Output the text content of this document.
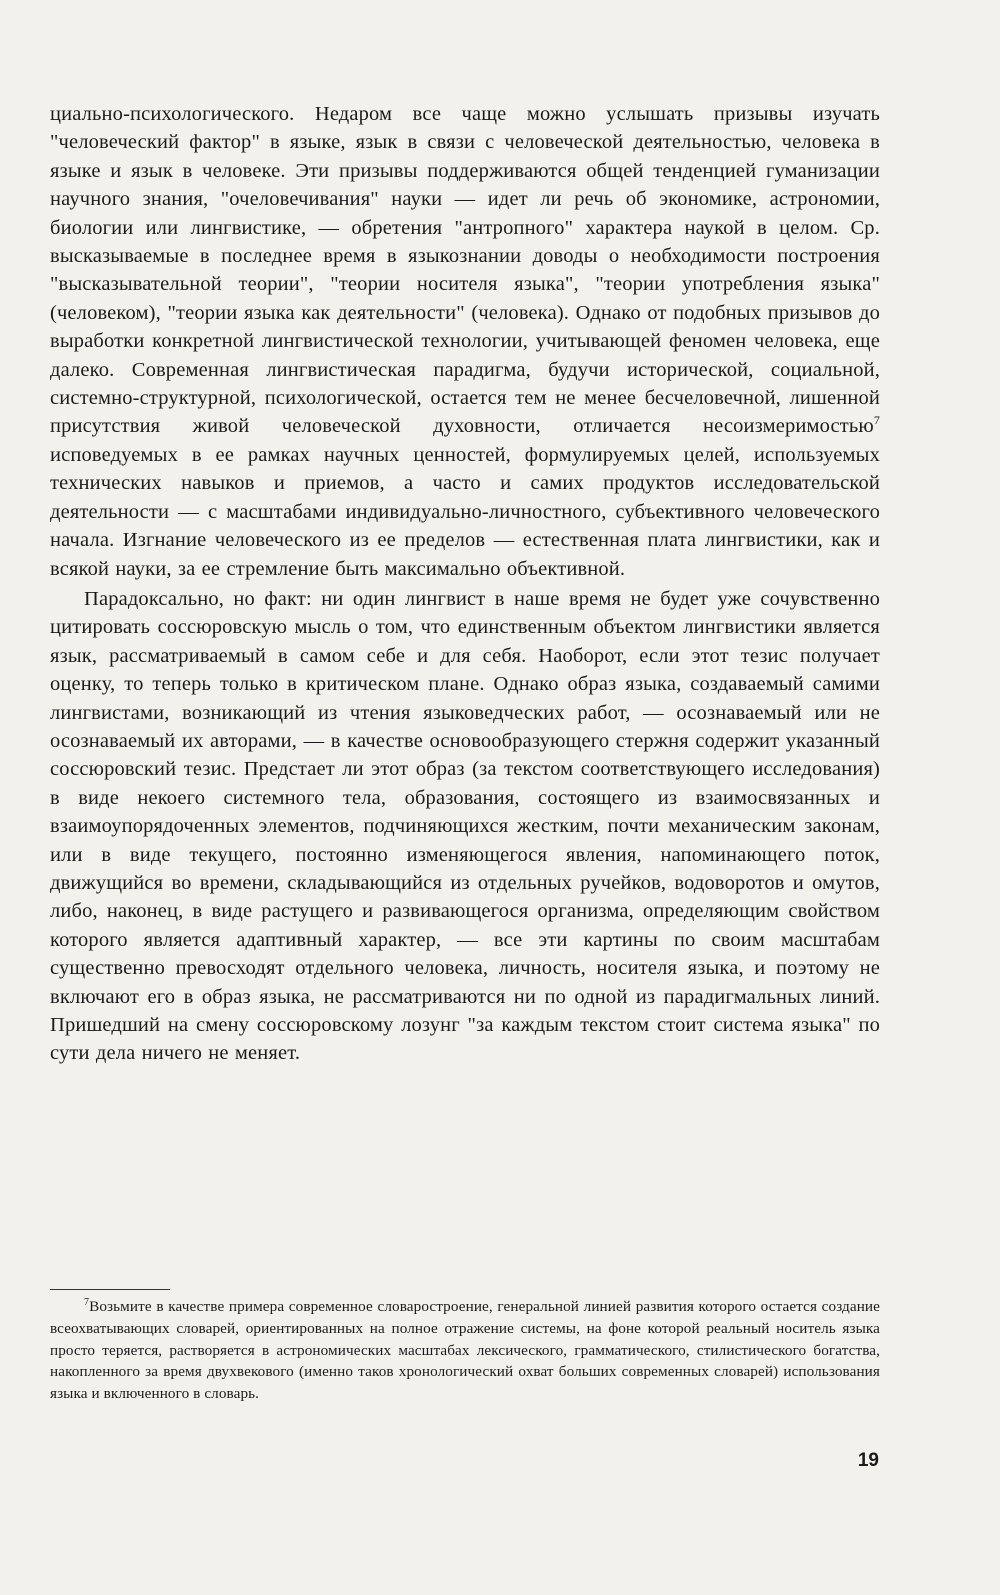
циально-психологического. Недаром все чаще можно услышать призывы изучать "человеческий фактор" в языке, язык в связи с человеческой деятельностью, человека в языке и язык в человеке. Эти призывы поддерживаются общей тенденцией гуманизации научного знания, "очеловечивания" науки — идет ли речь об экономике, астрономии, биологии или лингвистике, — обретения "антропного" характера наукой в целом. Ср. высказываемые в последнее время в языкознании доводы о необходимости построения "высказывательной теории", "теории носителя языка", "теории употребления языка" (человеком), "теории языка как деятельности" (человека). Однако от подобных призывов до выработки конкретной лингвистической технологии, учитывающей феномен человека, еще далеко. Современная лингвистическая парадигма, будучи исторической, социальной, системно-структурной, психологической, остается тем не менее бесчеловечной, лишенной присутствия живой человеческой духовности, отличается несоизмеримостью$^7$ исповедуемых в ее рамках научных ценностей, формулируемых целей, используемых технических навыков и приемов, а часто и самих продуктов исследовательской деятельности — с масштабами индивидуально-личностного, субъективного человеческого начала. Изгнание человеческого из ее пределов — естественная плата лингвистики, как и всякой науки, за ее стремление быть максимально объективной.

Парадоксально, но факт: ни один лингвист в наше время не будет уже сочувственно цитировать соссюровскую мысль о том, что единственным объектом лингвистики является язык, рассматриваемый в самом себе и для себя. Наоборот, если этот тезис получает оценку, то теперь только в критическом плане. Однако образ языка, создаваемый самими лингвистами, возникающий из чтения языковедческих работ, — осознаваемый или не осознаваемый их авторами, — в качестве основообразующего стержня содержит указанный соссюровский тезис. Предстает ли этот образ (за текстом соответствующего исследования) в виде некоего системного тела, образования, состоящего из взаимосвязанных и взаимоупорядоченных элементов, подчиняющихся жестким, почти механическим законам, или в виде текущего, постоянно изменяющегося явления, напоминающего поток, движущийся во времени, складывающийся из отдельных ручейков, водоворотов и омутов, либо, наконец, в виде растущего и развивающегося организма, определяющим свойством которого является адаптивный характер, — все эти картины по своим масштабам существенно превосходят отдельного человека, личность, носителя языка, и поэтому не включают его в образ языка, не рассматриваются ни по одной из парадигмальных линий. Пришедший на смену соссюровскому лозунг "за каждым текстом стоит система языка" по сути дела ничего не меняет.

$^7$Возьмите в качестве примера современное словаростроение, генеральной линией развития которого остается создание всеохватывающих словарей, ориентированных на полное отражение системы, на фоне которой реальный носитель языка просто теряется, растворяется в астрономических масштабах лексического, грамматического, стилистического богатства, накопленного за время двухвекового (именно таков хронологический охват больших современных словарей) использования языка и включенного в словарь.

19
